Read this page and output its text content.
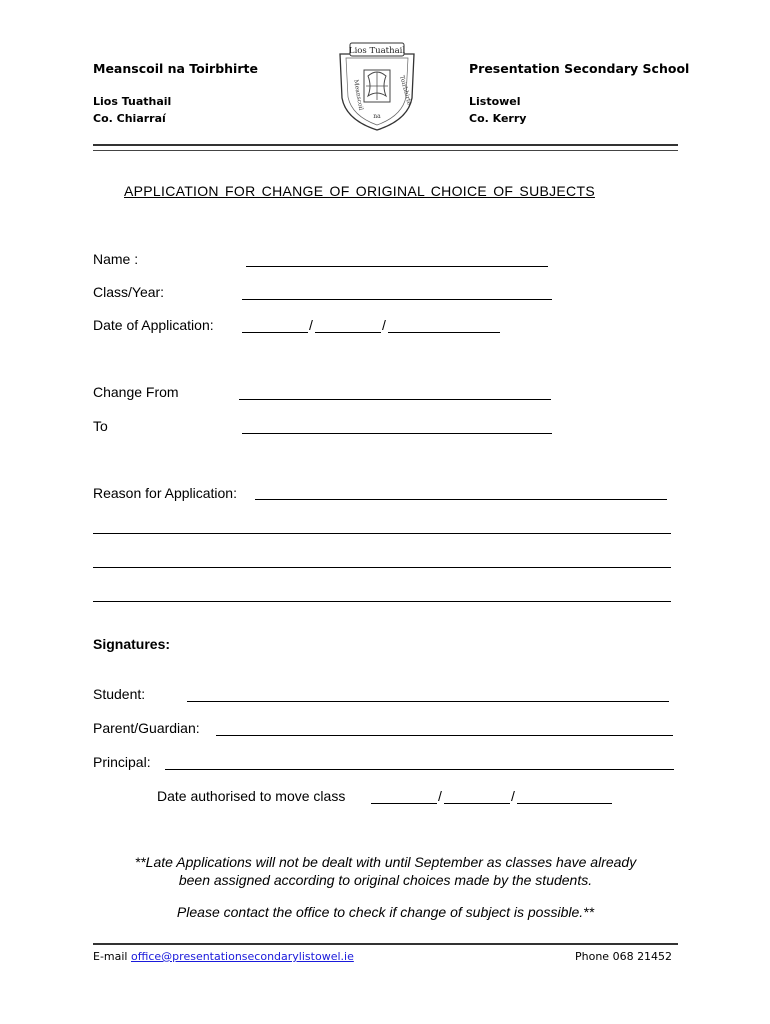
Meanscoil na Toirbhirte
Lios Tuathail
Co. Chiarraí
Presentation Secondary School
Listowel
Co. Kerry
Lios Tuathail
Meanscoil	Toirbhirte
na
APPLICATION FOR CHANGE OF ORIGINAL CHOICE OF SUBJECTS
Name :
Class/Year:
Date of Application:	/	/
Change From
To
Reason for Application:
Signatures:
Student:
Parent/Guardian:
Principal:
Date authorised to move class	/	/
**Late Applications will not be dealt with until September as classes have already
been assigned according to original choices made by the students.
Please contact the office to check if change of subject is possible.**
E-mail office@presentationsecondarylistowel.ie	Phone 068 21452
